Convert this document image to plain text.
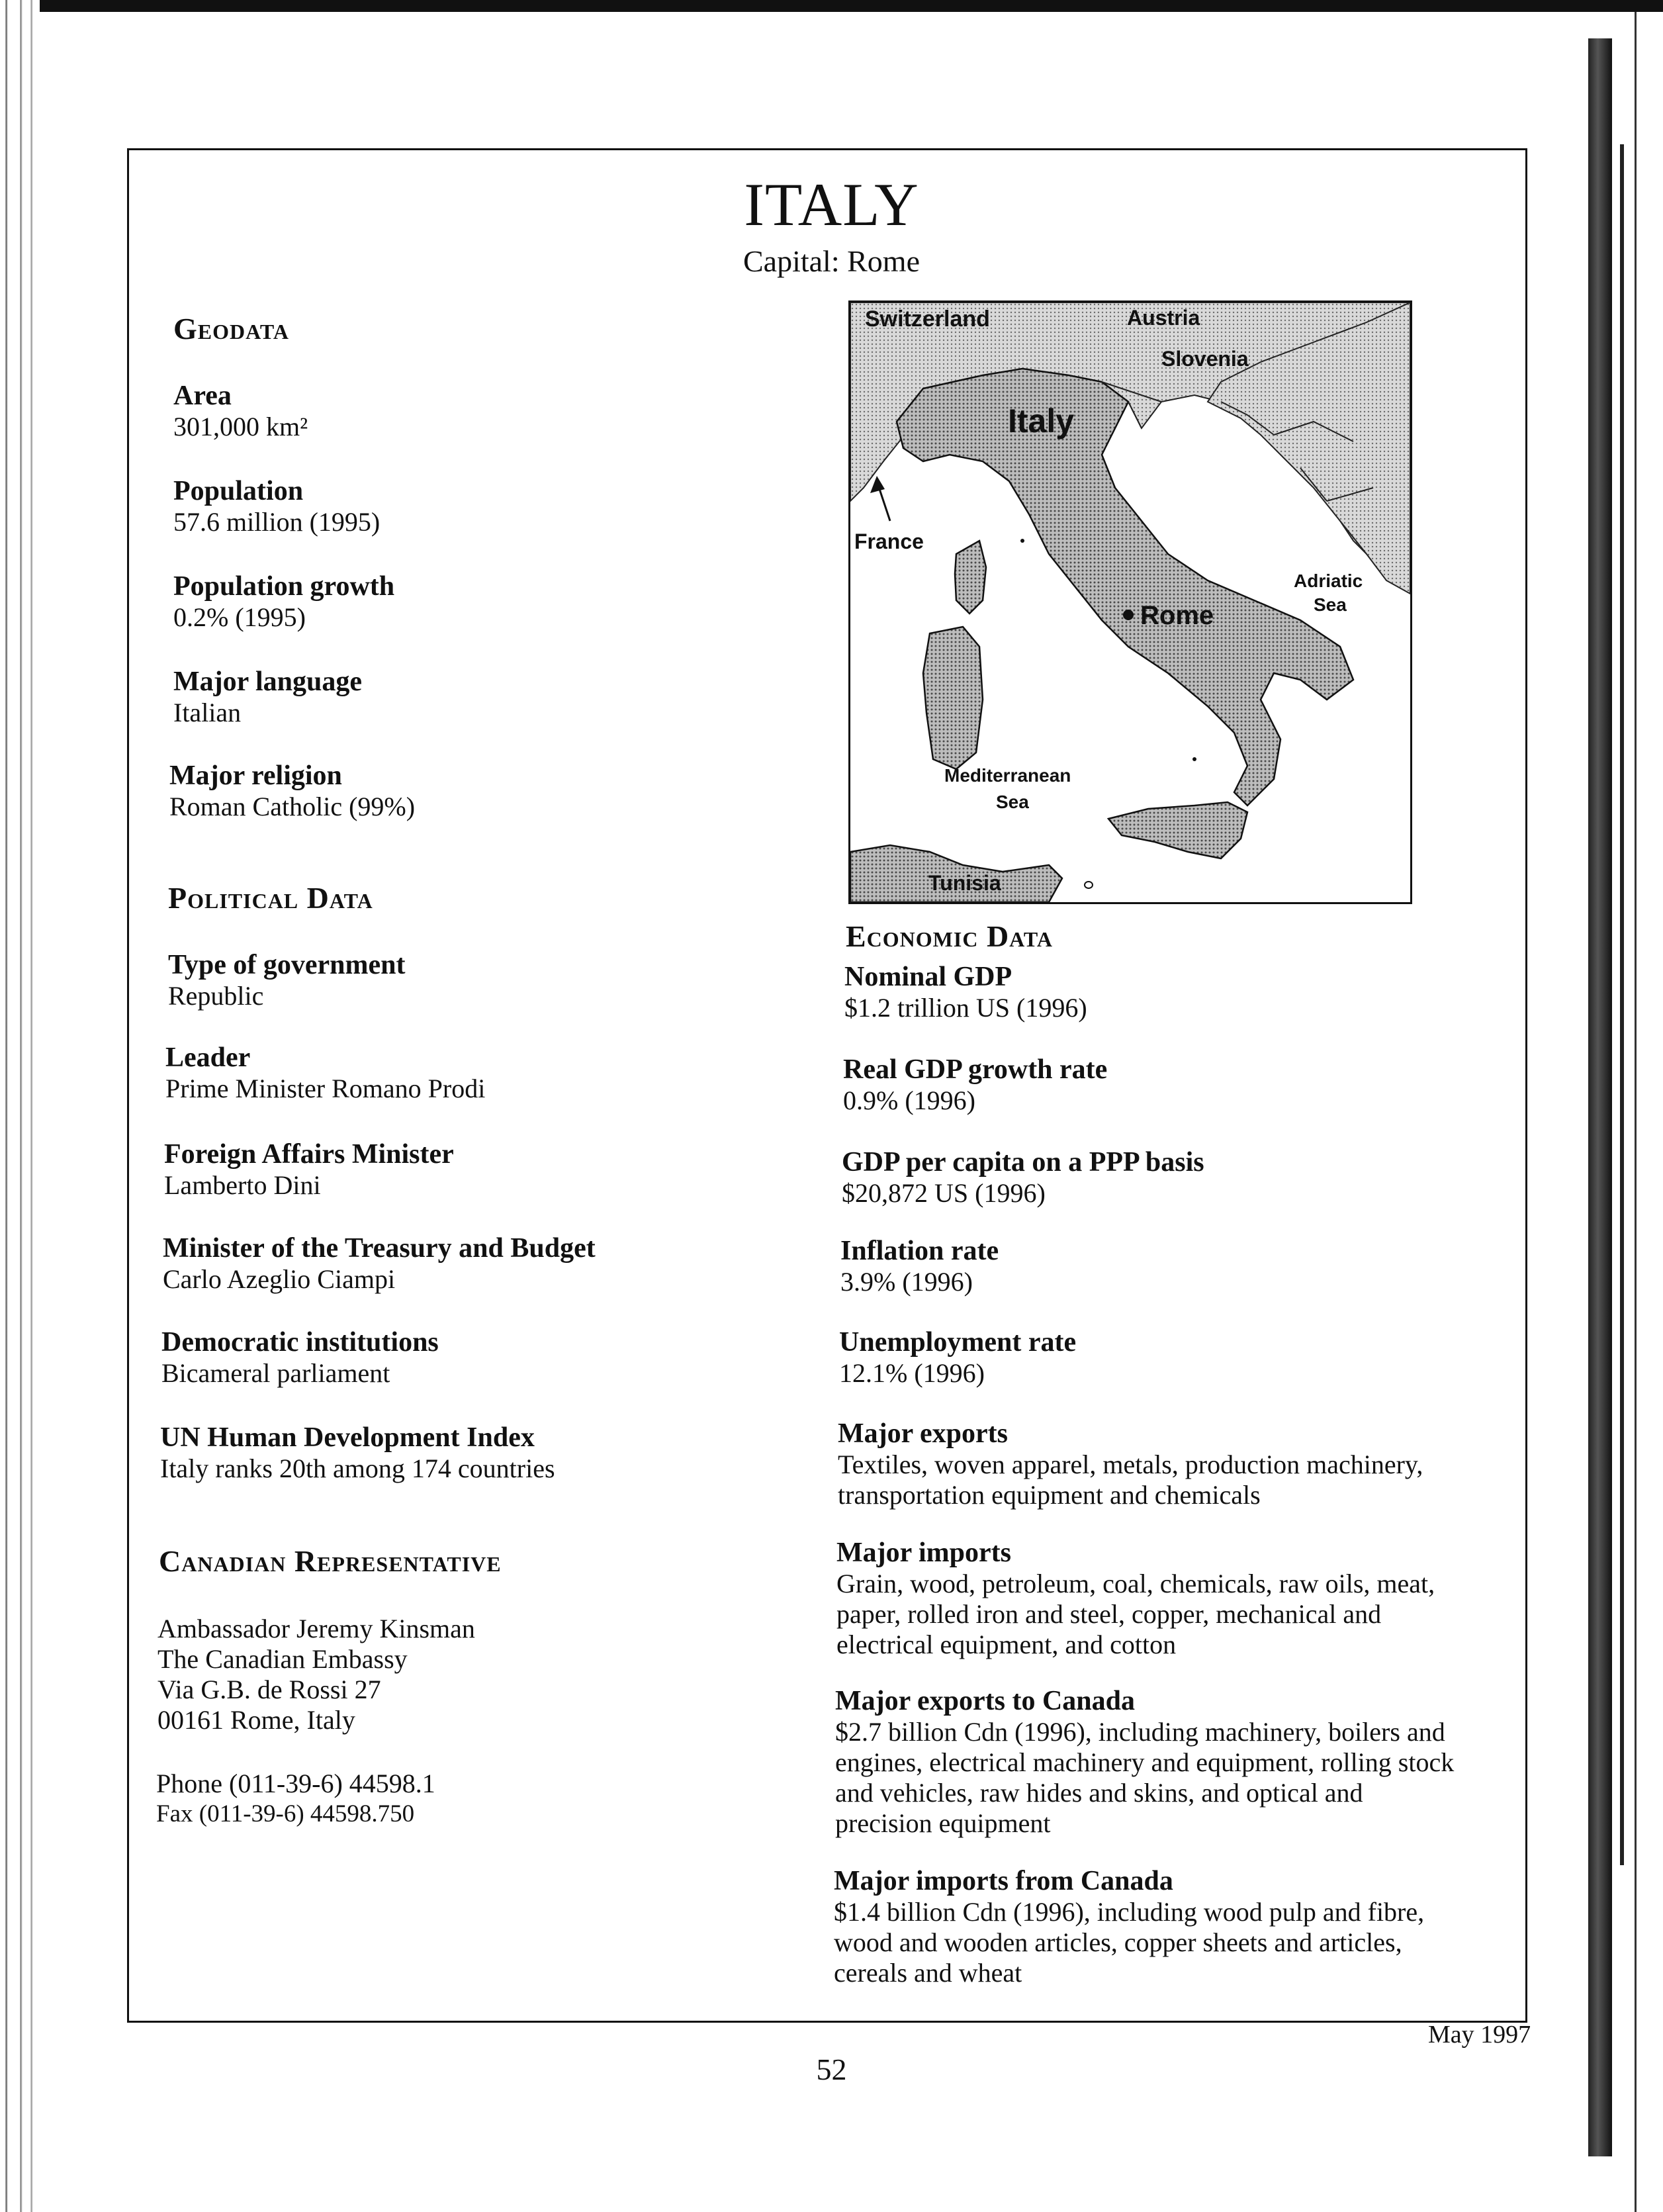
ITALY
Capital: Rome
Geodata
Area
301,000 km²
Population
57.6 million (1995)
Population growth
0.2% (1995)
Major language
Italian
Major religion
Roman Catholic (99%)
Political Data
Type of government
Republic
Leader
Prime Minister Romano Prodi
Foreign Affairs Minister
Lamberto Dini
Minister of the Treasury and Budget
Carlo Azeglio Ciampi
Democratic institutions
Bicameral parliament
UN Human Development Index
Italy ranks 20th among 174 countries
Canadian Representative
Ambassador Jeremy Kinsman
The Canadian Embassy
Via G.B. de Rossi 27
00161 Rome, Italy
Phone (011-39-6) 44598.1
Fax (011-39-6) 44598.750
Switzerland	Austria
Slovenia
Italy
France
Rome
Adriatic
Sea
Mediterranean
Sea
Tunisia
Economic Data
Nominal GDP
$1.2 trillion US (1996)
Real GDP growth rate
0.9% (1996)
GDP per capita on a PPP basis
$20,872 US (1996)
Inflation rate
3.9% (1996)
Unemployment rate
12.1% (1996)
Major exports
Textiles, woven apparel, metals, production machinery,
transportation equipment and chemicals
Major imports
Grain, wood, petroleum, coal, chemicals, raw oils, meat,
paper, rolled iron and steel, copper, mechanical and
electrical equipment, and cotton
Major exports to Canada
$2.7 billion Cdn (1996), including machinery, boilers and
engines, electrical machinery and equipment, rolling stock
and vehicles, raw hides and skins, and optical and
precision equipment
Major imports from Canada
$1.4 billion Cdn (1996), including wood pulp and fibre,
wood and wooden articles, copper sheets and articles,
cereals and wheat
May 1997
52
